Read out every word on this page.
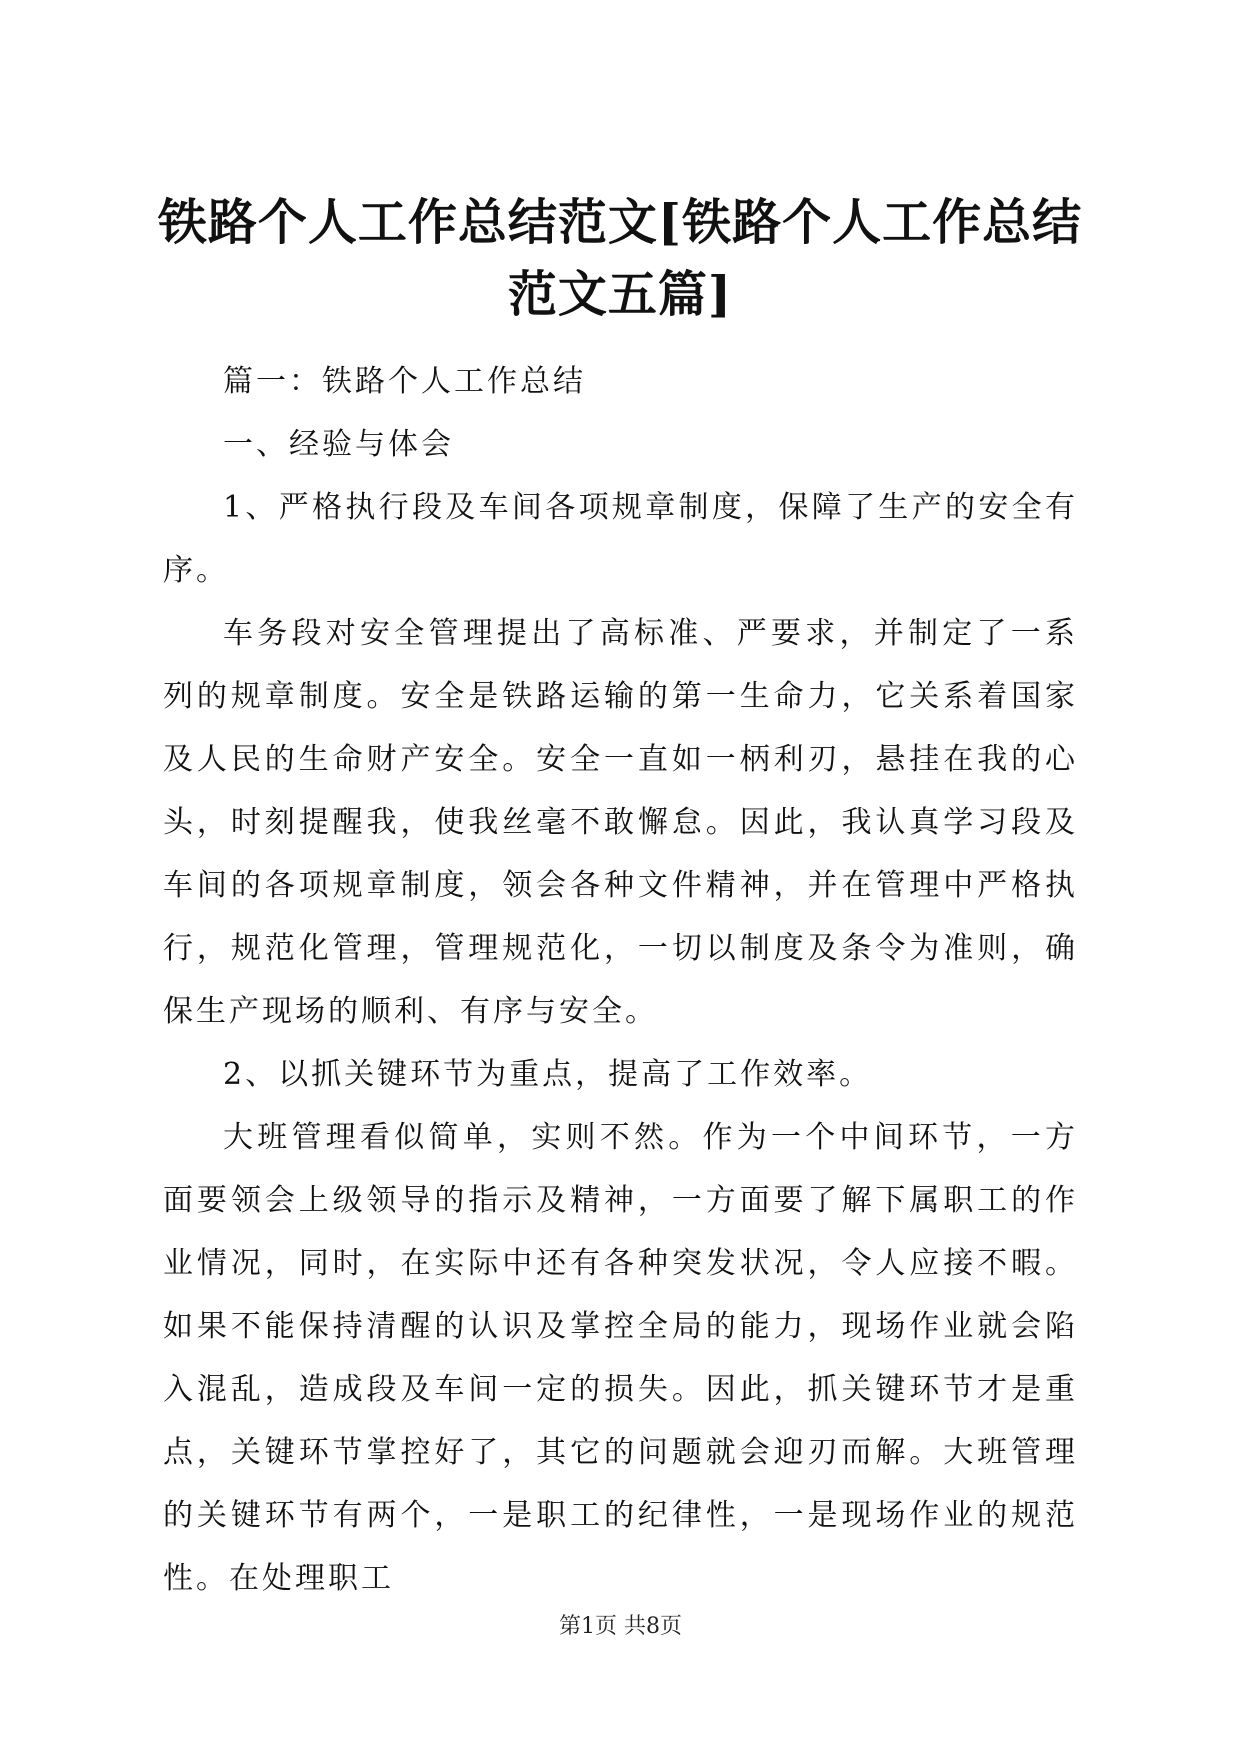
铁路个人工作总结范文[铁路个人工作总结范文五篇]

篇一：铁路个人工作总结

一、经验与体会

1、严格执行段及车间各项规章制度，保障了生产的安全有序。

车务段对安全管理提出了高标准、严要求，并制定了一系列的规章制度。安全是铁路运输的第一生命力，它关系着国家及人民的生命财产安全。安全一直如一柄利刃，悬挂在我的心头，时刻提醒我，使我丝毫不敢懈怠。因此，我认真学习段及车间的各项规章制度，领会各种文件精神，并在管理中严格执行，规范化管理，管理规范化，一切以制度及条令为准则，确保生产现场的顺利、有序与安全。

2、以抓关键环节为重点，提高了工作效率。

大班管理看似简单，实则不然。作为一个中间环节，一方面要领会上级领导的指示及精神，一方面要了解下属职工的作业情况，同时，在实际中还有各种突发状况，令人应接不暇。如果不能保持清醒的认识及掌控全局的能力，现场作业就会陷入混乱，造成段及车间一定的损失。因此，抓关键环节才是重点，关键环节掌控好了，其它的问题就会迎刃而解。大班管理的关键环节有两个，一是职工的纪律性，一是现场作业的规范性。在处理职工

第1页 共8页
